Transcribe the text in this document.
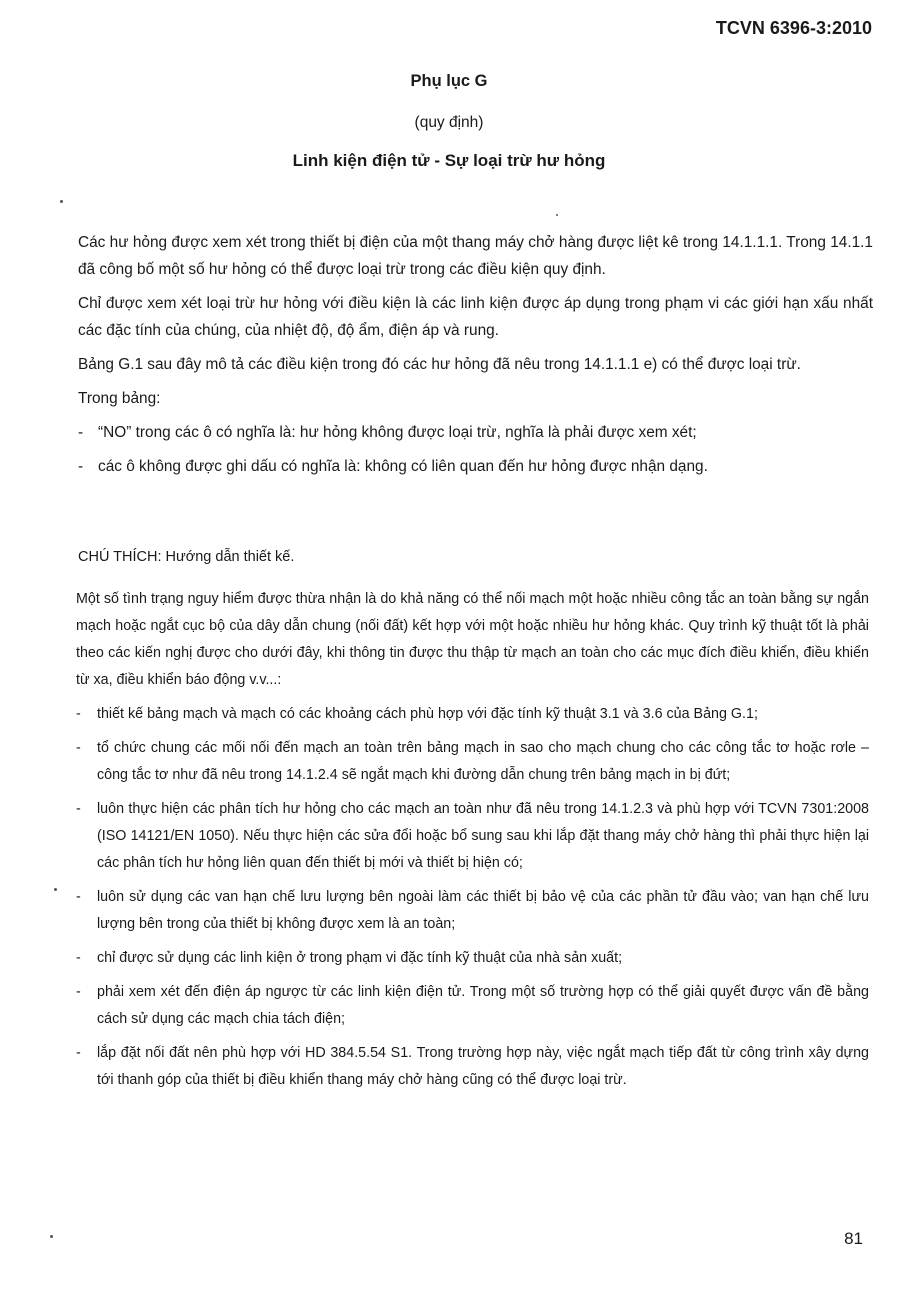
TCVN 6396-3:2010
Phụ lục G
(quy định)
Linh kiện điện tử - Sự loại trừ hư hỏng

Các hư hỏng được xem xét trong thiết bị điện của một thang máy chở hàng được liệt kê trong 14.1.1.1. Trong 14.1.1 đã công bố một số hư hỏng có thể được loại trừ trong các điều kiện quy định.

Chỉ được xem xét loại trừ hư hỏng với điều kiện là các linh kiện được áp dụng trong phạm vi các giới hạn xấu nhất các đặc tính của chúng, của nhiệt độ, độ ẩm, điện áp và rung.

Bảng G.1 sau đây mô tả các điều kiện trong đó các hư hỏng đã nêu trong 14.1.1.1 e) có thể được loại trừ.

Trong bảng:

- “NO” trong các ô có nghĩa là: hư hỏng không được loại trừ, nghĩa là phải được xem xét;
- các ô không được ghi dấu có nghĩa là: không có liên quan đến hư hỏng được nhận dạng.
CHÚ THÍCH: Hướng dẫn thiết kế.

Một số tình trạng nguy hiểm được thừa nhận là do khả năng có thể nối mạch một hoặc nhiều công tắc an toàn bằng sự ngắn mạch hoặc ngắt cục bộ của dây dẫn chung (nối đất) kết hợp với một hoặc nhiều hư hỏng khác. Quy trình kỹ thuật tốt là phải theo các kiến nghị được cho dưới đây, khi thông tin được thu thập từ mạch an toàn cho các mục đích điều khiển, điều khiển từ xa, điều khiển báo động v.v...:

-	thiết kế bảng mạch và mạch có các khoảng cách phù hợp với đặc tính kỹ thuật 3.1 và 3.6 của Bảng G.1;
-	tổ chức chung các mối nối đến mạch an toàn trên bảng mạch in sao cho mạch chung cho các công tắc tơ hoặc rơle – công tắc tơ như đã nêu trong 14.1.2.4 sẽ ngắt mạch khi đường dẫn chung trên bảng mạch in bị đứt;
-	luôn thực hiện các phân tích hư hỏng cho các mạch an toàn như đã nêu trong 14.1.2.3 và phù hợp với TCVN 7301:2008 (ISO 14121/EN 1050). Nếu thực hiện các sửa đổi hoặc bổ sung sau khi lắp đặt thang máy chở hàng thì phải thực hiện lại các phân tích hư hỏng liên quan đến thiết bị mới và thiết bị hiện có;
-	luôn sử dụng các van hạn chế lưu lượng bên ngoài làm các thiết bị bảo vệ của các phần tử đầu vào; van hạn chế lưu lượng bên trong của thiết bị không được xem là an toàn;
-	chỉ được sử dụng các linh kiện ở trong phạm vi đặc tính kỹ thuật của nhà sản xuất;
-	phải xem xét đến điện áp ngược từ các linh kiện điện tử. Trong một số trường hợp có thể giải quyết được vấn đề bằng cách sử dụng các mạch chia tách điện;
-	lắp đặt nối đất nên phù hợp với HD 384.5.54 S1. Trong trường hợp này, việc ngắt mạch tiếp đất từ công trình xây dựng tới thanh góp của thiết bị điều khiển thang máy chở hàng cũng có thể được loại trừ.
81
